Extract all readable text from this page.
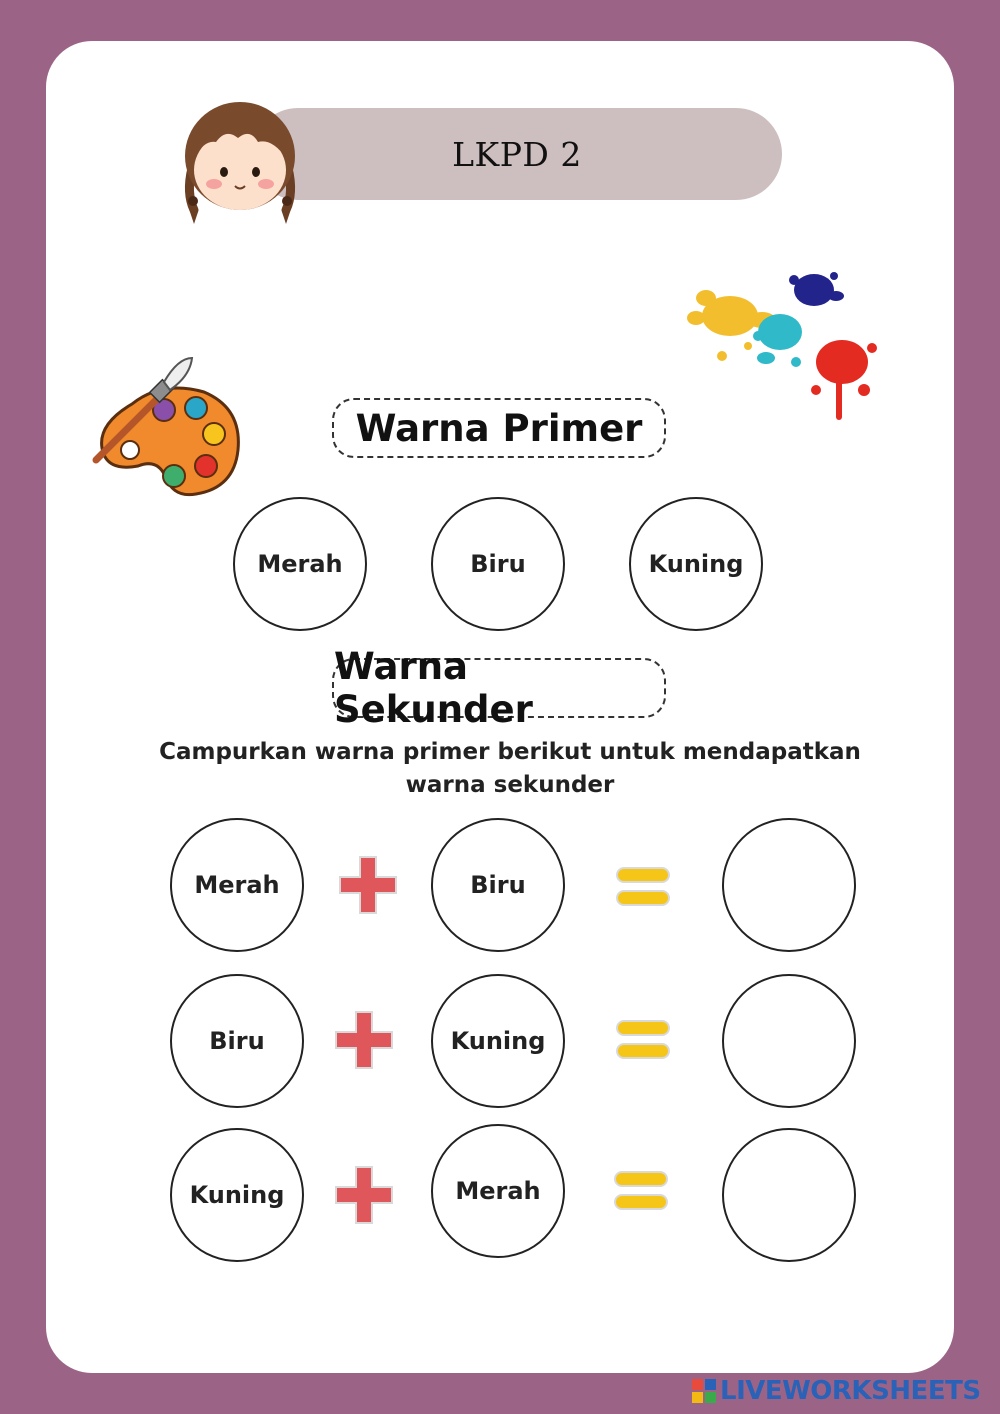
LKPD 2
Warna Primer
Merah	Biru	Kuning
Warna Sekunder
Campurkan warna primer berikut untuk mendapatkan
warna sekunder
Merah	Biru
Biru	Kuning
Kuning	Merah
LIVEWORKSHEETS
